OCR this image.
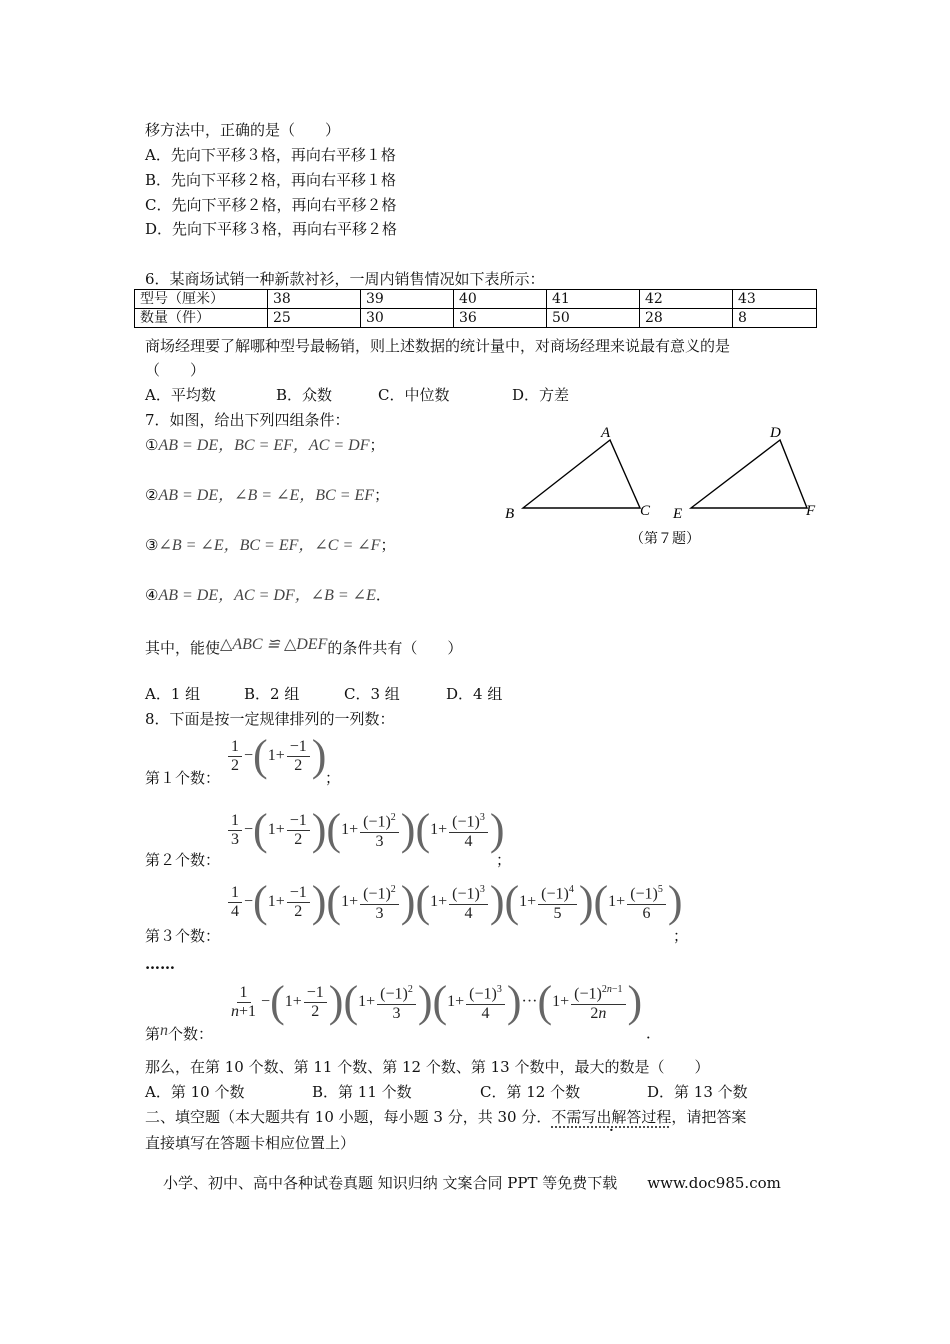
移方法中，正确的是（　　）
A．先向下平移３格，再向右平移１格
B．先向下平移２格，再向右平移１格
C．先向下平移２格，再向右平移２格
D．先向下平移３格，再向右平移２格
6．某商场试销一种新款衬衫，一周内销售情况如下表所示：
型号（厘米）	38	39	40	41	42	43
数量（件）	25	30	36	50	28	8
商场经理要了解哪种型号最畅销，则上述数据的统计量中，对商场经理来说最有意义的是
（　　）
A．平均数	B．众数	C．中位数	D．方差
7．如图，给出下列四组条件：
①AB = DE，BC = EF，AC = DF；
②AB = DE，∠B = ∠E，BC = EF；
③∠B = ∠E，BC = EF，∠C = ∠F；
④AB = DE，AC = DF，∠B = ∠E．
A
B	C
D
E	F
（第７题）
其中，能使△ABC ≌ △DEF的条件共有（　　）
A．1 组	B．2 组	C．3 组	D．4 组
8．下面是按一定规律排列的一列数：
第１个数：
$\frac{1}{2}$ − ( $1+ \frac{-1}{2}$ )
；
第２个数：
$\frac{1}{3}$ − ( $1+ \frac{-1}{2}$ ) ( $1+ \frac{(-1)^2}{3}$ ) ( $1+ \frac{(-1)^3}{4}$ )
；
第３个数：
$\frac{1}{4}$ − ( $1+ \frac{-1}{2}$ ) ( $1+ \frac{(-1)^2}{3}$ ) ( $1+ \frac{(-1)^3}{4}$ ) ( $1+ \frac{(-1)^4}{5}$ ) ( $1+ \frac{(-1)^5}{6}$ )
；
……
第n个数：
$\frac{1}{n+1}$ − ( $1+ \frac{-1}{2}$ ) ( $1+ \frac{(-1)^2}{3}$ ) ( $1+ \frac{(-1)^3}{4}$ ) ··· ( $1+ \frac{(-1)^{2n-1}}{2n}$ )
．
那么，在第 10 个数、第 11 个数、第 12 个数、第 13 个数中，最大的数是（　　）
A．第 10 个数	B．第 11 个数	C．第 12 个数	D．第 13 个数
二、填空题（本大题共有 10 小题，每小题 3 分，共 30 分．不需写出解答过程 ·，请把答案
直接填写在答题卡相应位置上）
小学、初中、高中各种试卷真题 知识归纳 文案合同 PPT 等免费下载　　www.doc985.com
